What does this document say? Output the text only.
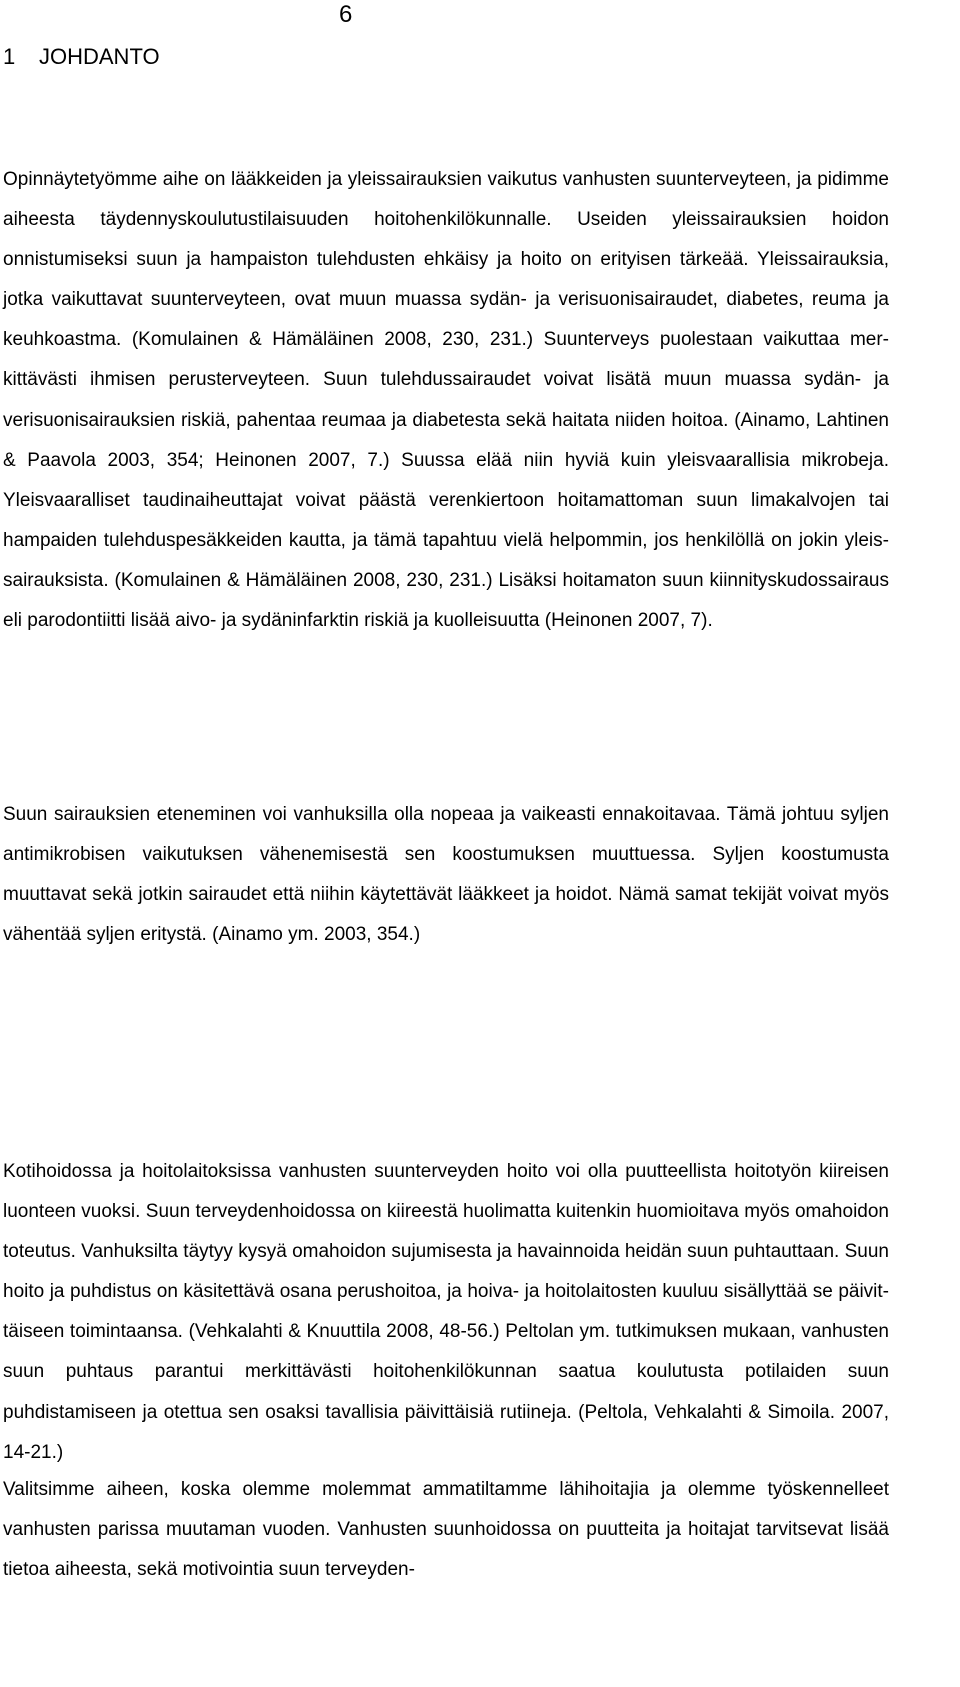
6
1 JOHDANTO

Opinnäytetyömme aihe on lääkkeiden ja yleissairauksien vaikutus vanhusten suunterveyteen, ja pidimme aiheesta täydennyskoulutustilaisuuden hoitohenkilökunnalle. Useiden yleissairauksien hoidon onnistumiseksi suun ja hampaiston tulehdusten ehkäisy ja hoito on erityisen tärkeää. Yleissairauksia, jotka vaikuttavat suunterveyteen, ovat muun muassa sydän- ja verisuonisairaudet, diabetes, reuma ja keuhkoastma. (Komulainen & Hämäläinen 2008, 230, 231.) Suunterveys puolestaan vaikuttaa merkittävästi ihmisen perusterveyteen. Suun tulehdussairaudet voivat lisätä muun muassa sydän- ja verisuonisairauksien riskiä, pahentaa reumaa ja diabetesta sekä haitata niiden hoitoa. (Ainamo, Lahtinen & Paavola 2003, 354; Heinonen 2007, 7.) Suussa elää niin hyviä kuin yleisvaarallisia mikrobeja. Yleisvaaralliset taudinaiheuttajat voivat päästä verenkiertoon hoitamattoman suun limakalvojen tai hampaiden tulehduspesäkkeiden kautta, ja tämä tapahtuu vielä helpommin, jos henkilöllä on jokin yleissairauksista. (Komulainen & Hämäläinen 2008, 230, 231.) Lisäksi hoitamaton suun kiinnityskudossairaus eli parodontiitti lisää aivo- ja sydäninfarktin riskiä ja kuolleisuutta (Heinonen 2007, 7).

Suun sairauksien eteneminen voi vanhuksilla olla nopeaa ja vaikeasti ennakoitavaa. Tämä johtuu syljen antimikrobisen vaikutuksen vähenemisestä sen koostumuksen muuttuessa. Syljen koostumusta muuttavat sekä jotkin sairaudet että niihin käytettävät lääkkeet ja hoidot. Nämä samat tekijät voivat myös vähentää syljen eritystä. (Ainamo ym. 2003, 354.)

Kotihoidossa ja hoitolaitoksissa vanhusten suunterveyden hoito voi olla puutteellista hoitotyön kiireisen luonteen vuoksi. Suun terveydenhoidossa on kiireestä huolimatta kuitenkin huomioitava myös omahoidon toteutus. Vanhuksilta täytyy kysyä omahoidon sujumisesta ja havainnoida heidän suun puhtauttaan. Suun hoito ja puhdistus on käsitettävä osana perushoitoa, ja hoiva- ja hoitolaitosten kuuluu sisällyttää se päivittäiseen toimintaansa. (Vehkalahti & Knuuttila 2008, 48-56.) Peltolan ym. tutkimuksen mukaan, vanhusten suun puhtaus parantui merkittävästi hoitohenkilökunnan saatua koulutusta potilaiden suun puhdistamiseen ja otettua sen osaksi tavallisia päivittäisiä rutiineja. (Peltola, Vehkalahti & Simoila. 2007, 14-21.)

Valitsimme aiheen, koska olemme molemmat ammatiltamme lähihoitajia ja olemme työskennelleet vanhusten parissa muutaman vuoden. Vanhusten suunhoidossa on puutteita ja hoitajat tarvitsevat lisää tietoa aiheesta, sekä motivointia suun terveyden-
